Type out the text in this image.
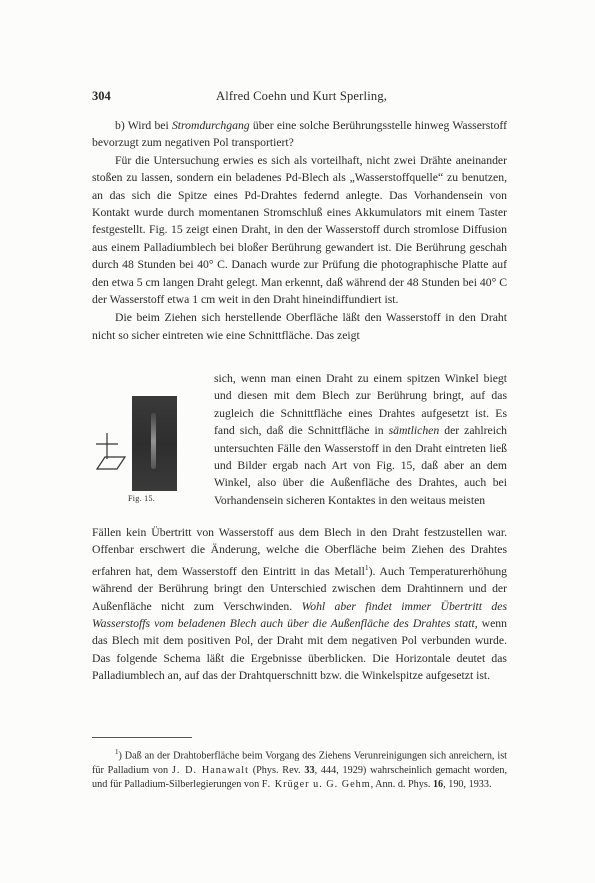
304	Alfred Coehn und Kurt Sperling,

b) Wird bei Stromdurchgang über eine solche Berührungsstelle hinweg Wasserstoff bevorzugt zum negativen Pol transportiert?

Für die Untersuchung erwies es sich als vorteilhaft, nicht zwei Drähte aneinander stoßen zu lassen, sondern ein beladenes Pd-Blech als „Wasserstoffquelle“ zu benutzen, an das sich die Spitze eines Pd-Drahtes federnd anlegte. Das Vorhandensein von Kontakt wurde durch momentanen Stromschluß eines Akkumulators mit einem Taster festgestellt. Fig. 15 zeigt einen Draht, in den der Wasserstoff durch stromlose Diffusion aus einem Palladiumblech bei bloßer Berührung gewandert ist. Die Berührung geschah durch 48 Stunden bei 40° C. Danach wurde zur Prüfung die photographische Platte auf den etwa 5 cm langen Draht gelegt. Man erkennt, daß während der 48 Stunden bei 40° C der Wasserstoff etwa 1 cm weit in den Draht hineindiffundiert ist.

Die beim Ziehen sich herstellende Oberfläche läßt den Wasserstoff in den Draht nicht so sicher eintreten wie eine Schnittfläche. Das zeigt

Fig. 15.
sich, wenn man einen Draht zu einem spitzen Winkel biegt und diesen mit dem Blech zur Berührung bringt, auf das zugleich die Schnittfläche eines Drahtes aufgesetzt ist. Es fand sich, daß die Schnittfläche in sämtlichen der zahlreich untersuchten Fälle den Wasserstoff in den Draht eintreten ließ und Bilder ergab nach Art von Fig. 15, daß aber an dem Winkel, also über die Außenfläche des Drahtes, auch bei Vorhandensein sicheren Kontaktes in den weitaus meisten

Fällen kein Übertritt von Wasserstoff aus dem Blech in den Draht festzustellen war. Offenbar erschwert die Änderung, welche die Oberfläche beim Ziehen des Drahtes erfahren hat, dem Wasserstoff den Eintritt in das Metall$^1$). Auch Temperaturerhöhung während der Berührung bringt den Unterschied zwischen dem Drahtinnern und der Außenfläche nicht zum Verschwinden. Wohl aber findet immer Übertritt des Wasserstoffs vom beladenen Blech auch über die Außenfläche des Drahtes statt, wenn das Blech mit dem positiven Pol, der Draht mit dem negativen Pol verbunden wurde. Das folgende Schema läßt die Ergebnisse überblicken. Die Horizontale deutet das Palladiumblech an, auf das der Drahtquerschnitt bzw. die Winkelspitze aufgesetzt ist.

$^1$) Daß an der Drahtoberfläche beim Vorgang des Ziehens Verunreinigungen sich anreichern, ist für Palladium von J. D. Hanawalt (Phys. Rev. 33, 444, 1929) wahrscheinlich gemacht worden, und für Palladium-Silberlegierungen von F. Krüger u. G. Gehm, Ann. d. Phys. 16, 190, 1933.
